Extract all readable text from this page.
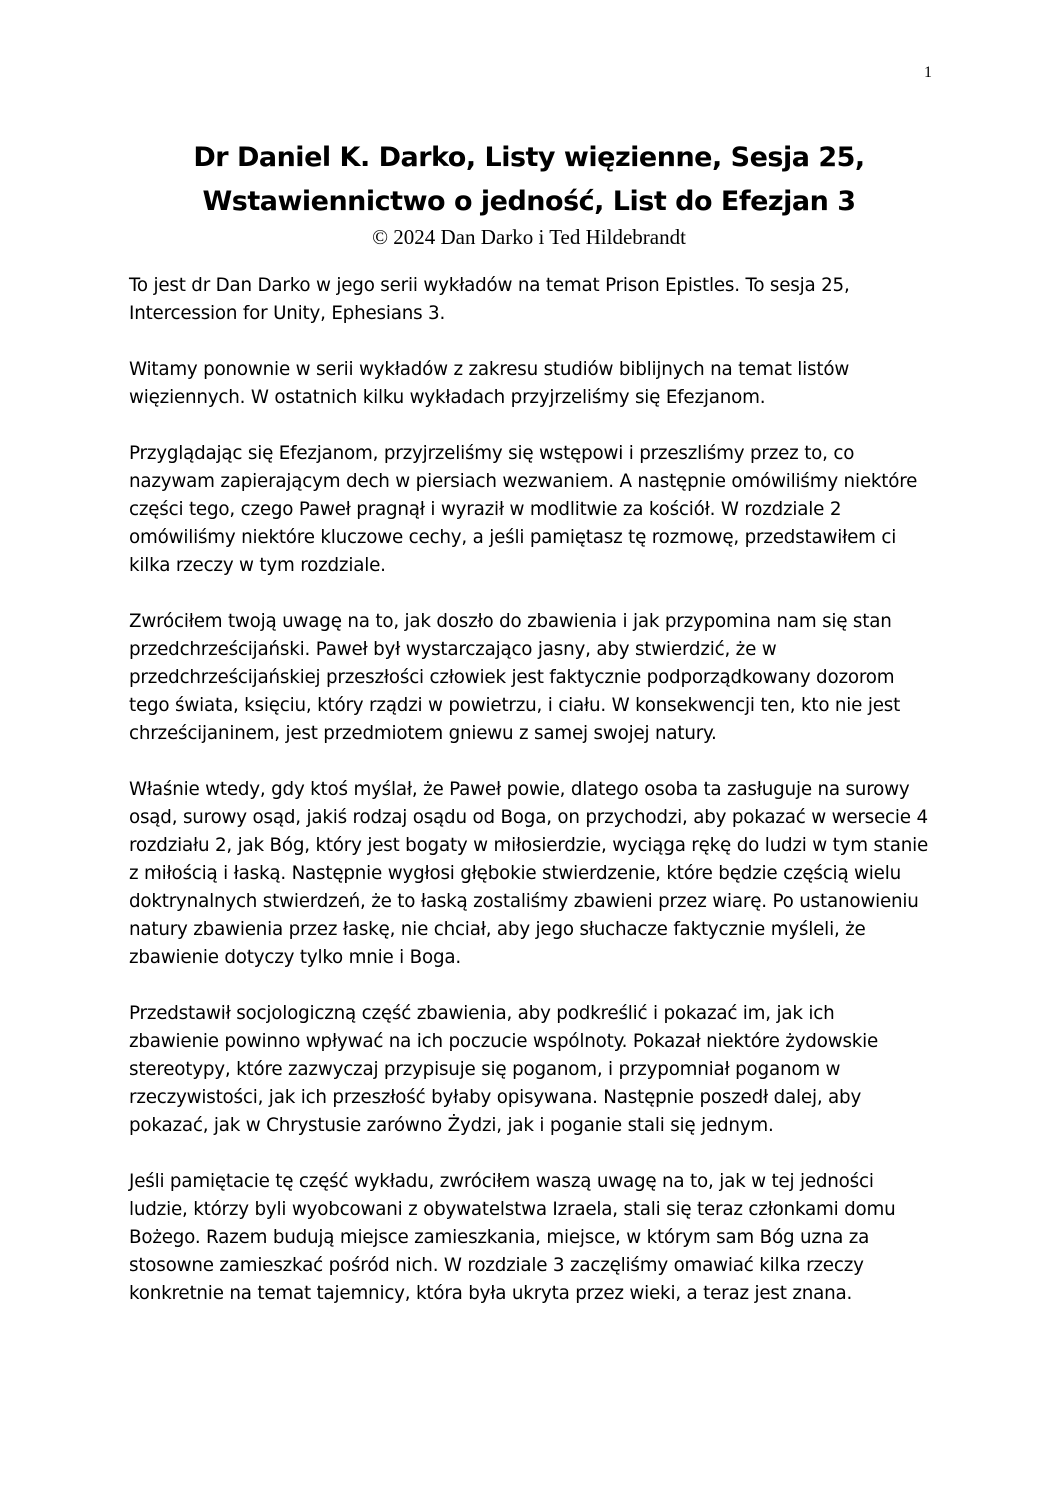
1
Dr Daniel K. Darko, Listy więzienne, Sesja 25,
Wstawiennictwo o jedność, List do Efezjan 3

© 2024 Dan Darko i Ted Hildebrandt

To jest dr Dan Darko w jego serii wykładów na temat Prison Epistles. To sesja 25, Intercession for Unity, Ephesians 3.

Witamy ponownie w serii wykładów z zakresu studiów biblijnych na temat listów więziennych. W ostatnich kilku wykładach przyjrzeliśmy się Efezjanom.

Przyglądając się Efezjanom, przyjrzeliśmy się wstępowi i przeszliśmy przez to, co nazywam zapierającym dech w piersiach wezwaniem. A następnie omówiliśmy niektóre części tego, czego Paweł pragnął i wyraził w modlitwie za kościół. W rozdziale 2 omówiliśmy niektóre kluczowe cechy, a jeśli pamiętasz tę rozmowę, przedstawiłem ci kilka rzeczy w tym rozdziale.

Zwróciłem twoją uwagę na to, jak doszło do zbawienia i jak przypomina nam się stan przedchrześcijański. Paweł był wystarczająco jasny, aby stwierdzić, że w przedchrześcijańskiej przeszłości człowiek jest faktycznie podporządkowany dozorom tego świata, księciu, który rządzi w powietrzu, i ciału. W konsekwencji ten, kto nie jest chrześcijaninem, jest przedmiotem gniewu z samej swojej natury.

Właśnie wtedy, gdy ktoś myślał, że Paweł powie, dlatego osoba ta zasługuje na surowy osąd, surowy osąd, jakiś rodzaj osądu od Boga, on przychodzi, aby pokazać w wersecie 4 rozdziału 2, jak Bóg, który jest bogaty w miłosierdzie, wyciąga rękę do ludzi w tym stanie z miłością i łaską. Następnie wygłosi głębokie stwierdzenie, które będzie częścią wielu doktrynalnych stwierdzeń, że to łaską zostaliśmy zbawieni przez wiarę. Po ustanowieniu natury zbawienia przez łaskę, nie chciał, aby jego słuchacze faktycznie myśleli, że zbawienie dotyczy tylko mnie i Boga.

Przedstawił socjologiczną część zbawienia, aby podkreślić i pokazać im, jak ich zbawienie powinno wpływać na ich poczucie wspólnoty. Pokazał niektóre żydowskie stereotypy, które zazwyczaj przypisuje się poganom, i przypomniał poganom w rzeczywistości, jak ich przeszłość byłaby opisywana. Następnie poszedł dalej, aby pokazać, jak w Chrystusie zarówno Żydzi, jak i poganie stali się jednym.

Jeśli pamiętacie tę część wykładu, zwróciłem waszą uwagę na to, jak w tej jedności ludzie, którzy byli wyobcowani z obywatelstwa Izraela, stali się teraz członkami domu Bożego. Razem budują miejsce zamieszkania, miejsce, w którym sam Bóg uzna za stosowne zamieszkać pośród nich. W rozdziale 3 zaczęliśmy omawiać kilka rzeczy konkretnie na temat tajemnicy, która była ukryta przez wieki, a teraz jest znana.
